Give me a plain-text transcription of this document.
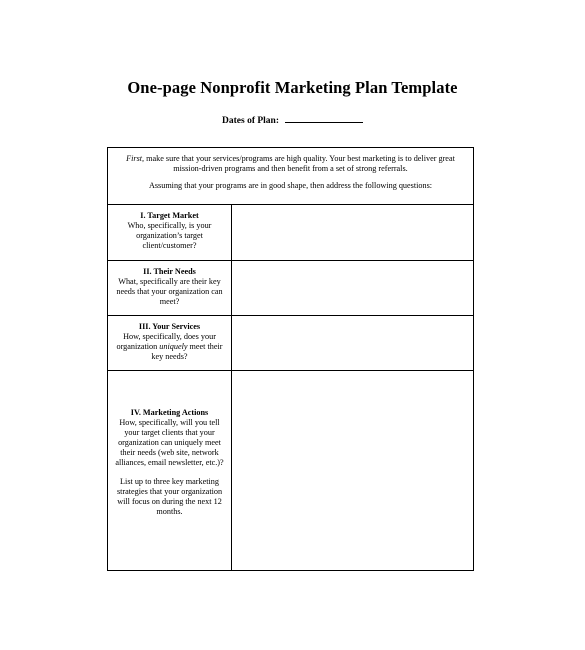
One-page Nonprofit Marketing Plan Template
Dates of Plan:

First, make sure that your services/programs are high quality. Your best marketing is to deliver great mission-driven programs and then benefit from a set of strong referrals.

Assuming that your programs are in good shape, then address the following questions:

I. Target Market
Who, specifically, is your organization’s target client/customer?
II. Their Needs
What, specifically are their key needs that your organization can meet?
III. Your Services
How, specifically, does your organization uniquely meet their key needs?
IV. Marketing Actions
How, specifically, will you tell your target clients that your organization can uniquely meet their needs (web site, network alliances, email newsletter, etc.)?
List up to three key marketing strategies that your organization will focus on during the next 12 months.
